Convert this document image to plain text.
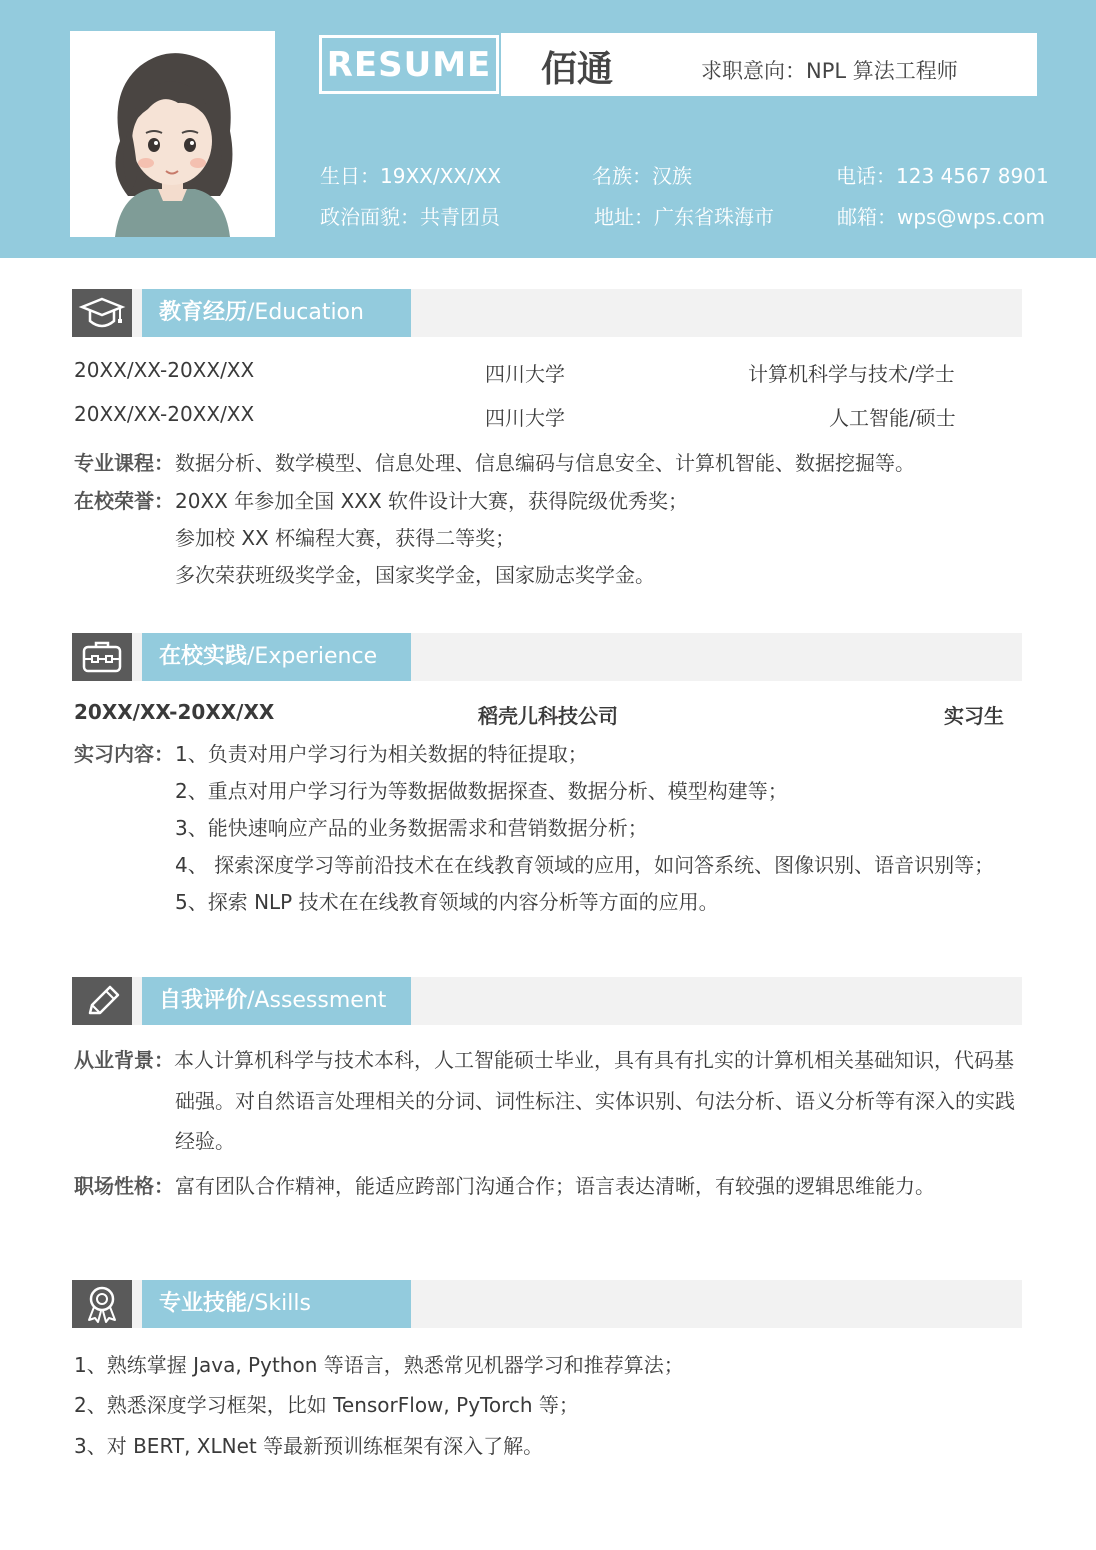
RESUME 佰通	求职意向：NPL 算法工程师
生日：19XX/XX/XX	名族：汉族	电话：123 4567 8901
政治面貌：共青团员	地址：广东省珠海市	邮箱：wps@wps.com
教育经历/Education
20XX/XX-20XX/XX	四川大学	计算机科学与技术/学士
20XX/XX-20XX/XX	四川大学	人工智能/硕士
专业课程： 数据分析、数学模型、信息处理、信息编码与信息安全、计算机智能、数据挖掘等。
在校荣誉： 20XX 年参加全国 XXX 软件设计大赛，获得院级优秀奖；
参加校 XX 杯编程大赛，获得二等奖；
多次荣获班级奖学金，国家奖学金，国家励志奖学金。
在校实践/Experience
20XX/XX-20XX/XX	稻壳儿科技公司	实习生
实习内容： 1、负责对用户学习行为相关数据的特征提取；
2、重点对用户学习行为等数据做数据探查、数据分析、模型构建等；
3、能快速响应产品的业务数据需求和营销数据分析；
4、 探索深度学习等前沿技术在在线教育领域的应用，如问答系统、图像识别、语音识别等；
5、探索 NLP 技术在在线教育领域的内容分析等方面的应用。
自我评价/Assessment
从业背景： 本人计算机科学与技术本科，人工智能硕士毕业，具有具有扎实的计算机相关基础知识，代码基
础强。对自然语言处理相关的分词、词性标注、实体识别、句法分析、语义分析等有深入的实践
经验。
职场性格： 富有团队合作精神，能适应跨部门沟通合作；语言表达清晰，有较强的逻辑思维能力。
专业技能/Skills
1、熟练掌握 Java, Python 等语言，熟悉常见机器学习和推荐算法；
2、熟悉深度学习框架，比如 TensorFlow, PyTorch 等；
3、对 BERT, XLNet 等最新预训练框架有深入了解。
